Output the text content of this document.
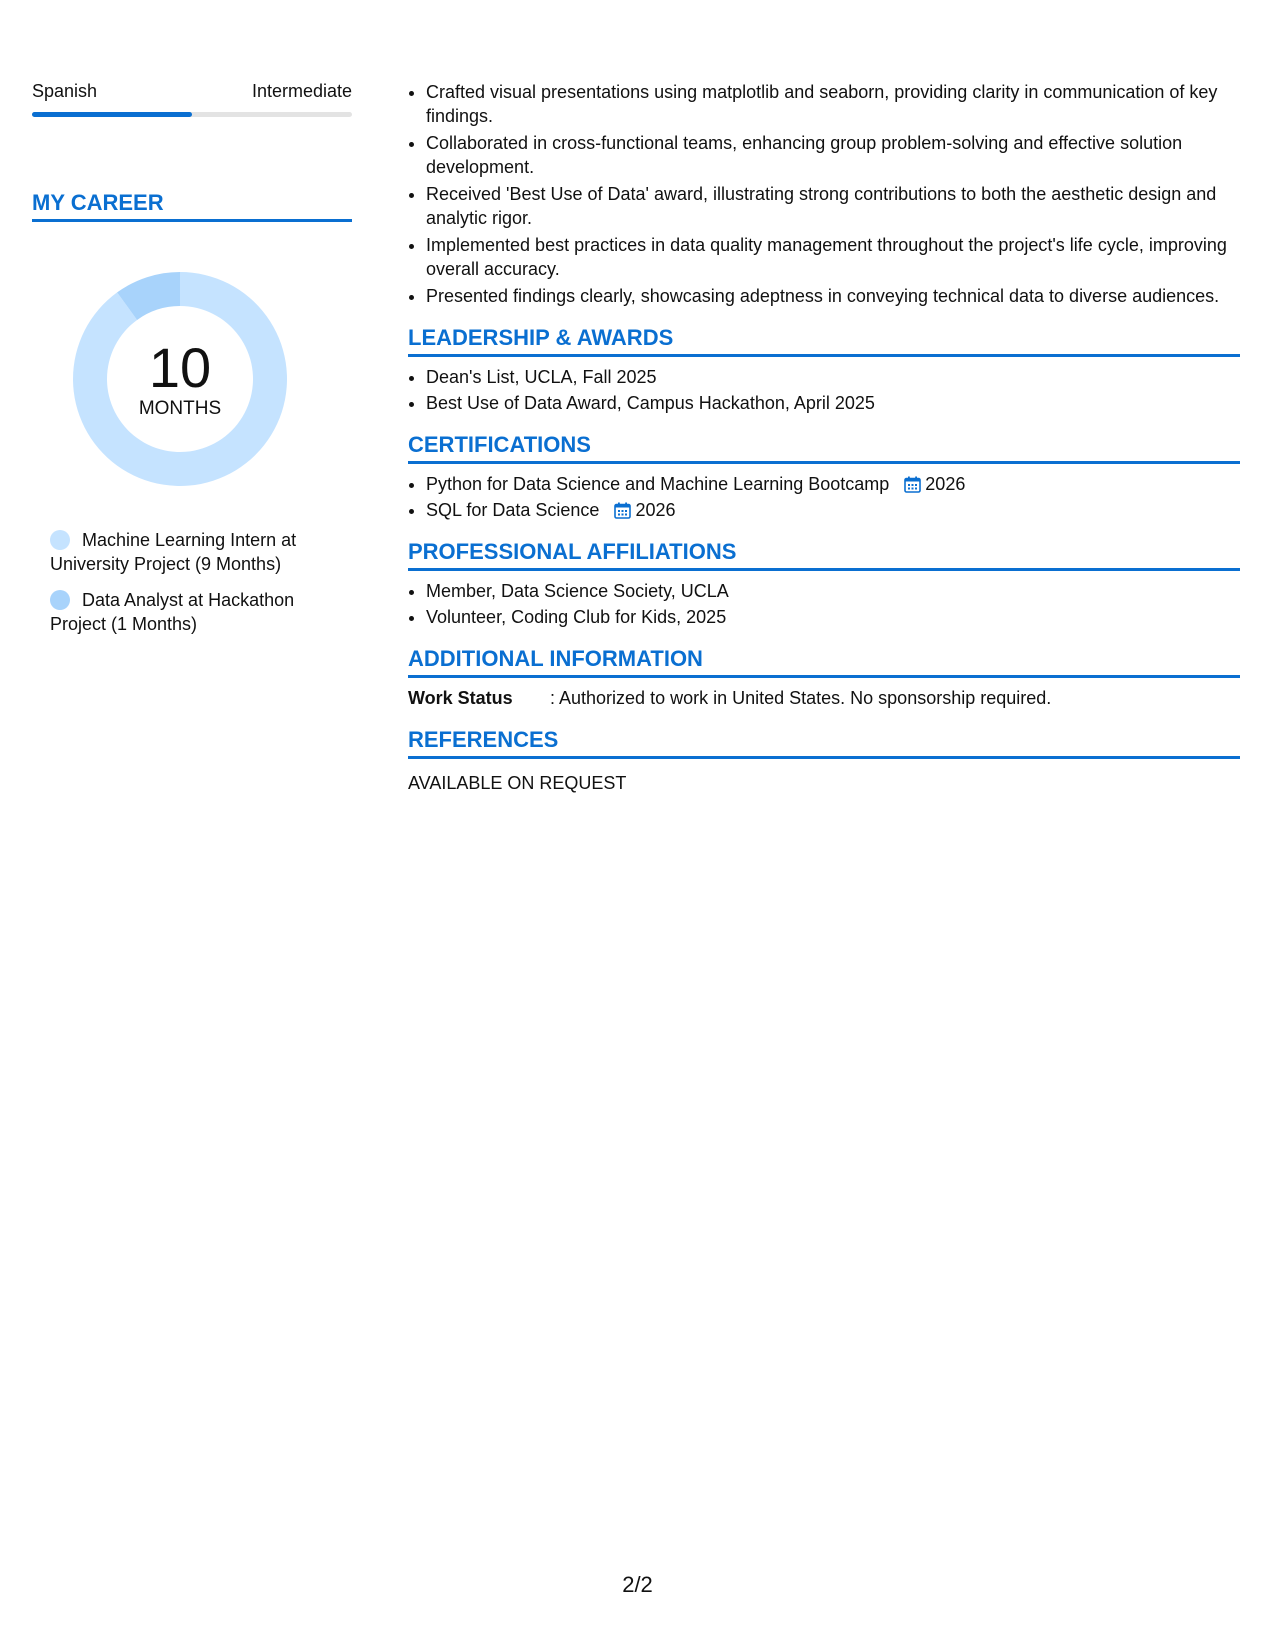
Spanish	Intermediate
MY CAREER
10
MONTHS
Machine Learning Intern at University Project (9 Months)
Data Analyst at Hackathon Project (1 Months)
• Crafted visual presentations using matplotlib and seaborn, providing clarity in communication of key findings.
• Collaborated in cross-functional teams, enhancing group problem-solving and effective solution development.
• Received 'Best Use of Data' award, illustrating strong contributions to both the aesthetic design and analytic rigor.
• Implemented best practices in data quality management throughout the project's life cycle, improving overall accuracy.
• Presented findings clearly, showcasing adeptness in conveying technical data to diverse audiences.
LEADERSHIP & AWARDS
• Dean's List, UCLA, Fall 2025
• Best Use of Data Award, Campus Hackathon, April 2025
CERTIFICATIONS
• Python for Data Science and Machine Learning Bootcamp 2026
• SQL for Data Science 2026
PROFESSIONAL AFFILIATIONS
• Member, Data Science Society, UCLA
• Volunteer, Coding Club for Kids, 2025
ADDITIONAL INFORMATION
Work Status : Authorized to work in United States. No sponsorship required.
REFERENCES
AVAILABLE ON REQUEST
2/2
